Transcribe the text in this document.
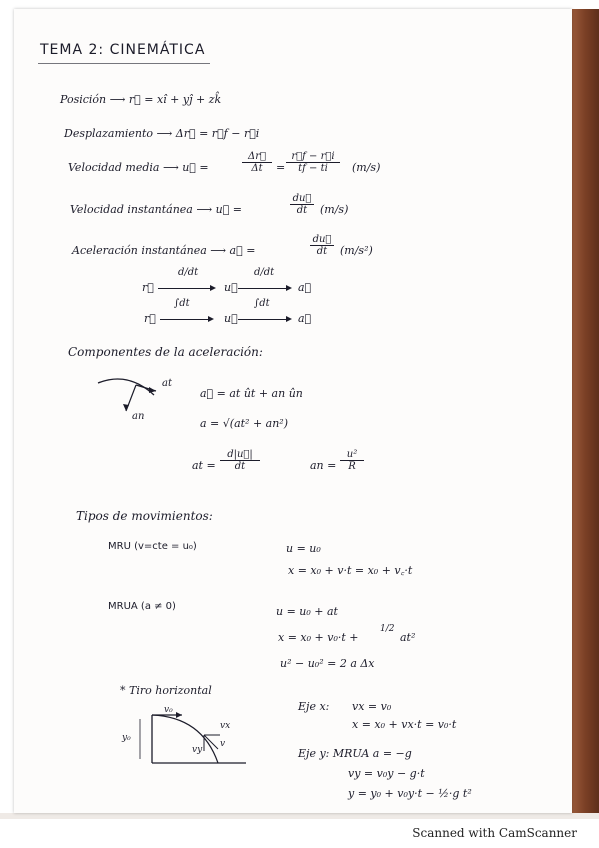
TEMA 2: CINEMÁTICA
Posición ⟶ r⃗ = xî + yĵ + zk̂
Desplazamiento ⟶ Δr⃗ = r⃗f − r⃗i
Velocidad media ⟶ u⃗ =	$\frac{\Delta r⃗}{\Delta t} = \frac{r⃗f - r⃗i}{tf - ti} (m/s)$
Velocidad instantánea ⟶ u⃗ =	$\frac{du⃗}{dt} (m/s)$
Aceleración instantánea ⟶ a⃗ =	$\frac{du⃗}{dt} (m/s^2)$
r⃗
d/dt
u⃗
d/dt
a⃗
r⃗
∫dt
u⃗
∫dt
a⃗
Componentes de la aceleración:
at
an
a⃗ = at ût + an ûn
a = √(at² + an²)
at = $\frac{d|u⃗|}{dt}$	an = $\frac{\text{u²}}{R}$
Tipos de movimientos:
MRU (v=cte = u₀)	u = u₀
x = x₀ + v·t = x₀ + v꜀·t
MRUA (a ≠ 0)	u = u₀ + at
x = x₀ + v₀·t +
1/2
at²
u² − u₀² = 2 a Δx
* Tiro horizontal
v₀
vx
vy
v
y₀
Eje x: vx = v₀
x = x₀ + vx·t = v₀·t
Eje y: MRUA a = −g
vy = v₀y − g·t
y = y₀ + v₀y·t − ½·g t²
Scanned with CamScanner
